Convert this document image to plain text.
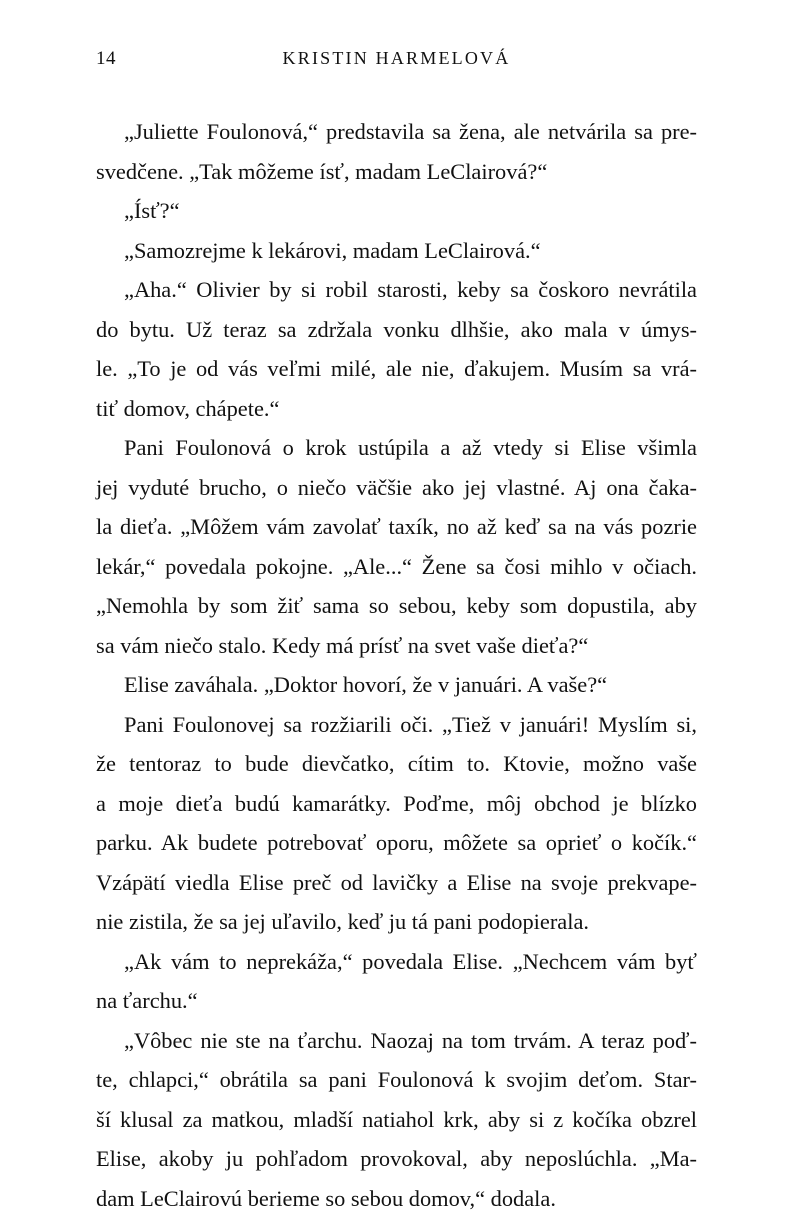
14	KRISTIN HARMELOVÁ
„Juliette Foulonová,“ predstavila sa žena, ale netvárila sa pre-
svedčene. „Tak môžeme ísť, madam LeClairová?“
„Ísť?“
„Samozrejme k lekárovi, madam LeClairová.“
„Aha.“ Olivier by si robil starosti, keby sa čoskoro nevrátila
do bytu. Už teraz sa zdržala vonku dlhšie, ako mala v úmys-
le. „To je od vás veľmi milé, ale nie, ďakujem. Musím sa vrá-
tiť domov, chápete.“
Pani Foulonová o krok ustúpila a až vtedy si Elise všimla
jej vyduté brucho, o niečo väčšie ako jej vlastné. Aj ona čaka-
la dieťa. „Môžem vám zavolať taxík, no až keď sa na vás pozrie
lekár,“ povedala pokojne. „Ale...“ Žene sa čosi mihlo v očiach.
„Nemohla by som žiť sama so sebou, keby som dopustila, aby
sa vám niečo stalo. Kedy má prísť na svet vaše dieťa?“
Elise zaváhala. „Doktor hovorí, že v januári. A vaše?“
Pani Foulonovej sa rozžiarili oči. „Tiež v januári! Myslím si,
že tentoraz to bude dievčatko, cítim to. Ktovie, možno vaše
a moje dieťa budú kamarátky. Poďme, môj obchod je blízko
parku. Ak budete potrebovať oporu, môžete sa oprieť o kočík.“
Vzápätí viedla Elise preč od lavičky a Elise na svoje prekvape-
nie zistila, že sa jej uľavilo, keď ju tá pani podopierala.
„Ak vám to neprekáža,“ povedala Elise. „Nechcem vám byť
na ťarchu.“
„Vôbec nie ste na ťarchu. Naozaj na tom trvám. A teraz poď-
te, chlapci,“ obrátila sa pani Foulonová k svojim deťom. Star-
ší klusal za matkou, mladší natiahol krk, aby si z kočíka obzrel
Elise, akoby ju pohľadom provokoval, aby neposlúchla. „Ma-
dam LeClairovú berieme so sebou domov,“ dodala.
